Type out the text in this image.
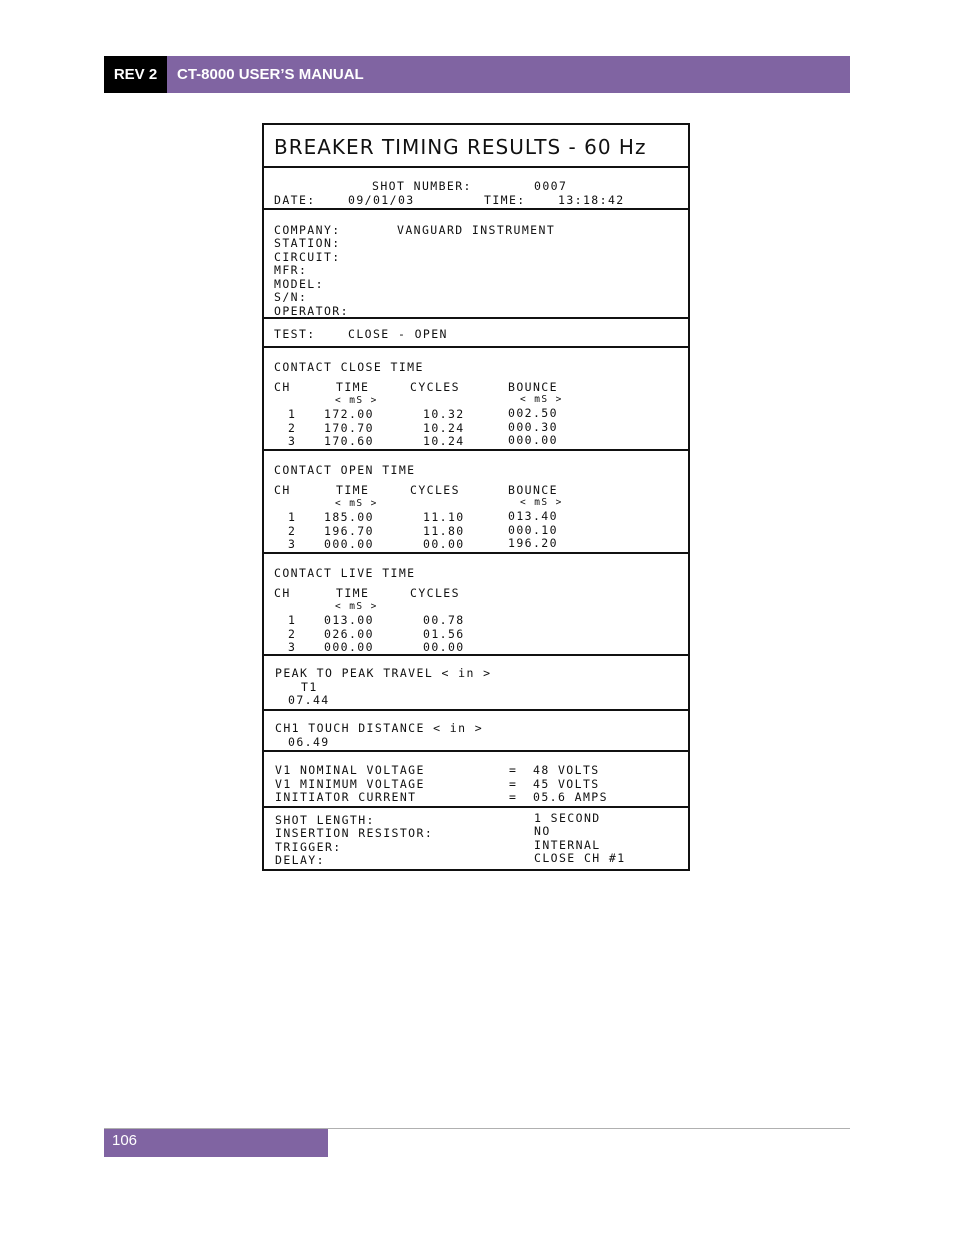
REV 2	CT-8000 USER’S MANUAL
BREAKER TIMING RESULTS - 60 Hz
SHOT NUMBER:	0007
DATE:	09/01/03	TIME:	13:18:42
COMPANY:	VANGUARD INSTRUMENT
STATION:
CIRCUIT:
MFR:
MODEL:
S/N:
OPERATOR:
TEST:	CLOSE - OPEN
CONTACT CLOSE TIME
CH	TIME	CYCLES	BOUNCE
< mS >	< mS >
1 172.00	10.32	002.50
2 170.70	10.24	000.30
3 170.60	10.24	000.00
CONTACT OPEN TIME
CH	TIME	CYCLES	BOUNCE
< mS >	< mS >
1 185.00	11.10	013.40
2 196.70	11.80	000.10
3 000.00	00.00	196.20
CONTACT LIVE TIME
CH	TIME	CYCLES
< mS >
1 013.00	00.78
2 026.00	01.56
3 000.00	00.00
PEAK TO PEAK TRAVEL < in >
T1
07.44
CH1 TOUCH DISTANCE < in >
06.49
V1 NOMINAL VOLTAGE	= 48 VOLTS
V1 MINIMUM VOLTAGE	= 45 VOLTS
INITIATOR CURRENT	= 05.6 AMPS
SHOT LENGTH:	1 SECOND
INSERTION RESISTOR:	NO
TRIGGER:	INTERNAL
DELAY:	CLOSE CH #1
106
